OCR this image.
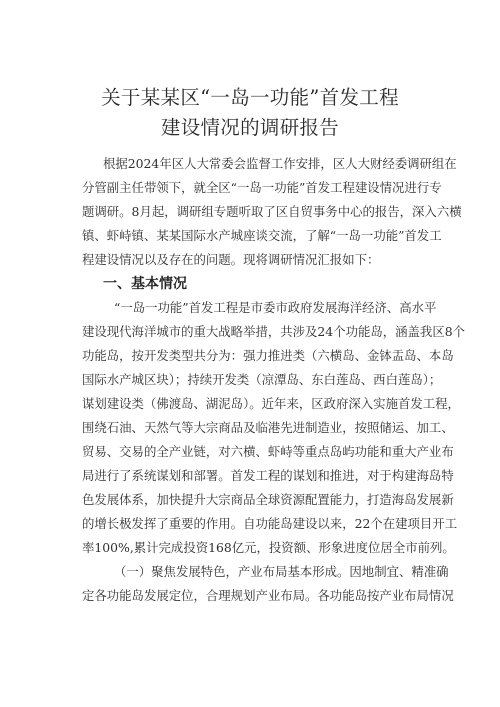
关于某某区“一岛一功能”首发工程
建设情况的调研报告
根据2024年区人大常委会监督工作安排，区人大财经委调研组在
分管副主任带领下，就全区“一岛一功能”首发工程建设情况进行专
题调研。8月起，调研组专题听取了区自贸事务中心的报告，深入六横
镇、虾峙镇、某某国际水产城座谈交流，了解“一岛一功能”首发工
程建设情况以及存在的问题。现将调研情况汇报如下：
一、基本情况
“一岛一功能”首发工程是市委市政府发展海洋经济、高水平
建设现代海洋城市的重大战略举措，共涉及24个功能岛，涵盖我区8个
功能岛，按开发类型共分为：强力推进类（六横岛、金钵盂岛、本岛
国际水产城区块）；持续开发类（凉潭岛、东白莲岛、西白莲岛）；
谋划建设类（佛渡岛、湖泥岛）。近年来，区政府深入实施首发工程，
围绕石油、天然气等大宗商品及临港先进制造业，按照储运、加工、
贸易、交易的全产业链，对六横、虾峙等重点岛屿功能和重大产业布
局进行了系统谋划和部署。首发工程的谋划和推进，对于构建海岛特
色发展体系，加快提升大宗商品全球资源配置能力，打造海岛发展新
的增长极发挥了重要的作用。自功能岛建设以来，22个在建项目开工
率100%,累计完成投资168亿元，投资额、形象进度位居全市前列。
（一）聚焦发展特色，产业布局基本形成。因地制宜、精准确
定各功能岛发展定位，合理规划产业布局。各功能岛按产业布局情况
